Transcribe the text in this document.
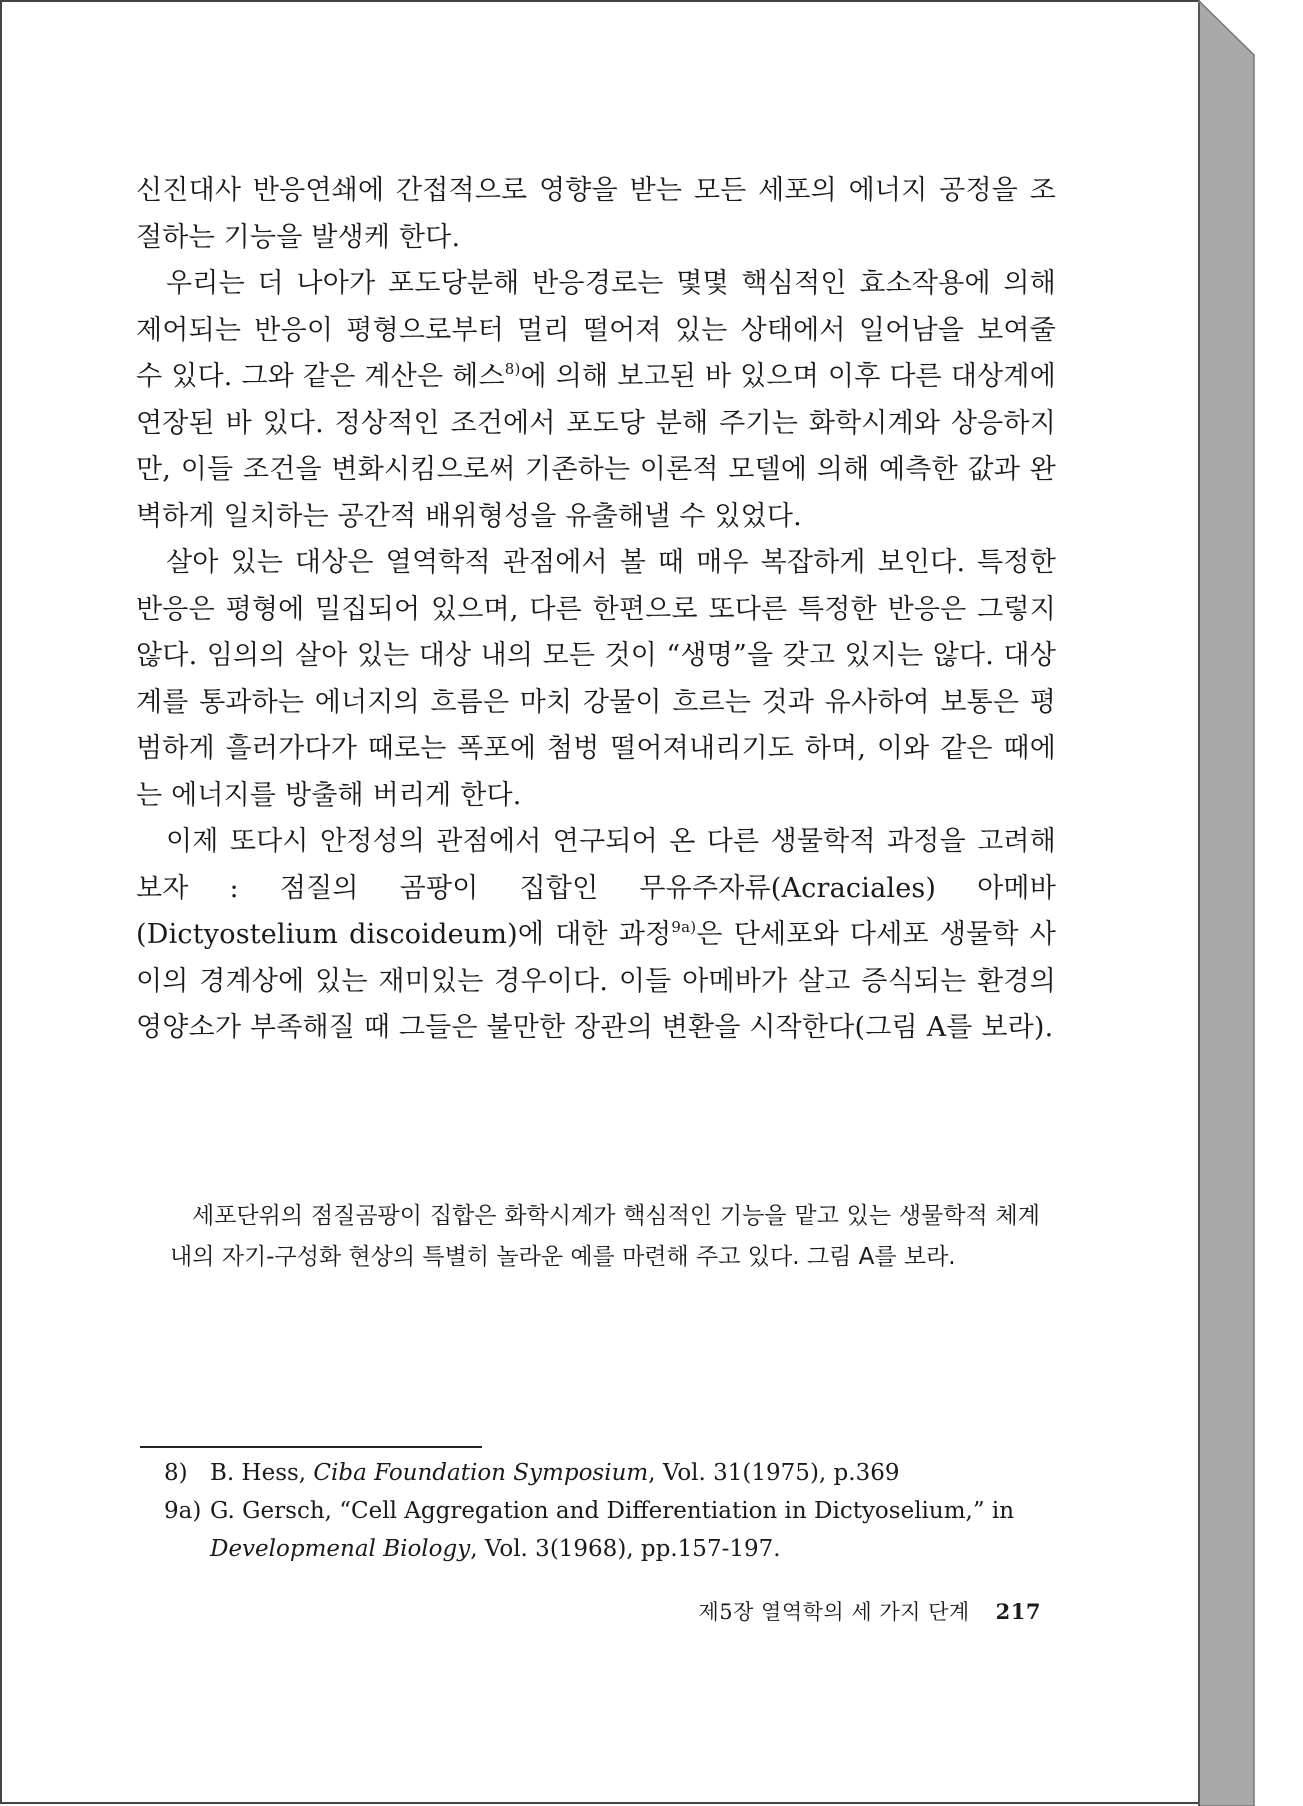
신진대사 반응연쇄에 간접적으로 영향을 받는 모든 세포의 에너지 공정을 조절하는 기능을 발생케 한다.

우리는 더 나아가 포도당분해 반응경로는 몇몇 핵심적인 효소작용에 의해 제어되는 반응이 평형으로부터 멀리 떨어져 있는 상태에서 일어남을 보여줄 수 있다. 그와 같은 계산은 헤스$^{8)}$에 의해 보고된 바 있으며 이후 다른 대상계에 연장된 바 있다. 정상적인 조건에서 포도당 분해 주기는 화학시계와 상응하지만, 이들 조건을 변화시킴으로써 기존하는 이론적 모델에 의해 예측한 값과 완벽하게 일치하는 공간적 배위형성을 유출해낼 수 있었다.

살아 있는 대상은 열역학적 관점에서 볼 때 매우 복잡하게 보인다. 특정한 반응은 평형에 밀집되어 있으며, 다른 한편으로 또다른 특정한 반응은 그렇지 않다. 임의의 살아 있는 대상 내의 모든 것이 “생명”을 갖고 있지는 않다. 대상계를 통과하는 에너지의 흐름은 마치 강물이 흐르는 것과 유사하여 보통은 평범하게 흘러가다가 때로는 폭포에 첨벙 떨어져내리기도 하며, 이와 같은 때에는 에너지를 방출해 버리게 한다.

이제 또다시 안정성의 관점에서 연구되어 온 다른 생물학적 과정을 고려해 보자 : 점질의 곰팡이 집합인 무유주자류(Acraciales) 아메바(Dictyostelium discoideum)에 대한 과정$^{9a)}$은 단세포와 다세포 생물학 사이의 경계상에 있는 재미있는 경우이다. 이들 아메바가 살고 증식되는 환경의 영양소가 부족해질 때 그들은 불만한 장관의 변환을 시작한다(그림 A를 보라).

세포단위의 점질곰팡이 집합은 화학시계가 핵심적인 기능을 맡고 있는 생물학적 체계 내의 자기-구성화 현상의 특별히 놀라운 예를 마련해 주고 있다. 그림 A를 보라.

8) B. Hess, Ciba Foundation Symposium, Vol. 31(1975), p.369

9a) G. Gersch, “Cell Aggregation and Differentiation in Dictyoselium,” in Developmenal Biology, Vol. 3(1968), pp.157-197.

제5장 열역학의 세 가지 단계 217
